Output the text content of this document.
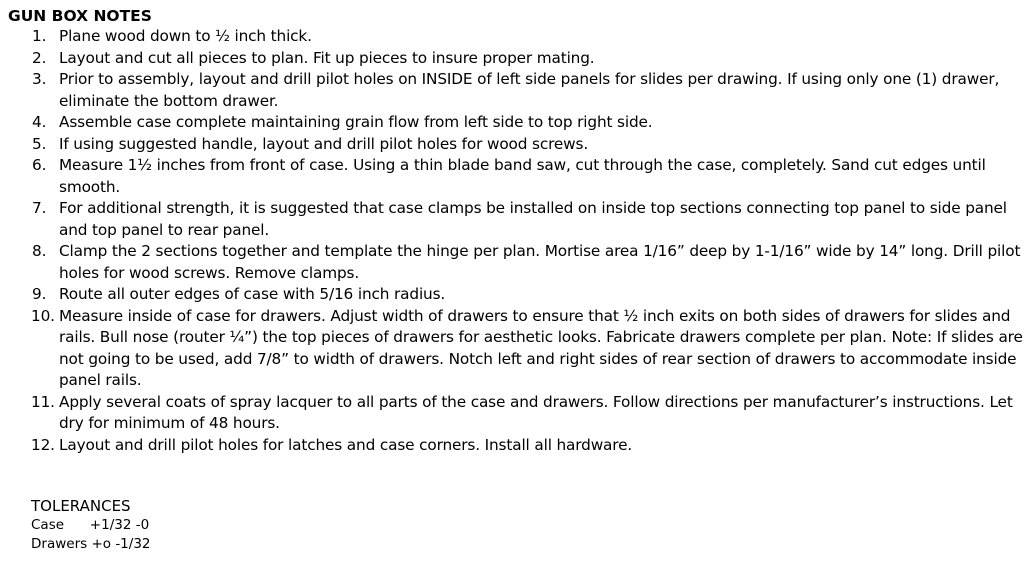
GUN BOX NOTES
1. Plane wood down to ½ inch thick.
2. Layout and cut all pieces to plan. Fit up pieces to insure proper mating.
3. Prior to assembly, layout and drill pilot holes on INSIDE of left side panels for slides per drawing. If using only one (1) drawer, eliminate the bottom drawer.
4. Assemble case complete maintaining grain flow from left side to top right side.
5. If using suggested handle, layout and drill pilot holes for wood screws.
6. Measure 1½ inches from front of case. Using a thin blade band saw, cut through the case, completely. Sand cut edges until smooth.
7. For additional strength, it is suggested that case clamps be installed on inside top sections connecting top panel to side panel and top panel to rear panel.
8. Clamp the 2 sections together and template the hinge per plan. Mortise area 1/16” deep by 1-1/16” wide by 14” long. Drill pilot holes for wood screws. Remove clamps.
9. Route all outer edges of case with 5/16 inch radius.
10. Measure inside of case for drawers. Adjust width of drawers to ensure that ½ inch exits on both sides of drawers for slides and rails. Bull nose (router ¼”) the top pieces of drawers for aesthetic looks. Fabricate drawers complete per plan. Note: If slides are not going to be used, add 7/8” to width of drawers. Notch left and right sides of rear section of drawers to accommodate inside panel rails.
11. Apply several coats of spray lacquer to all parts of the case and drawers. Follow directions per manufacturer’s instructions. Let dry for minimum of 48 hours.
12. Layout and drill pilot holes for latches and case corners. Install all hardware.
TOLERANCES
Case +1/32 -0
Drawers +o -1/32
